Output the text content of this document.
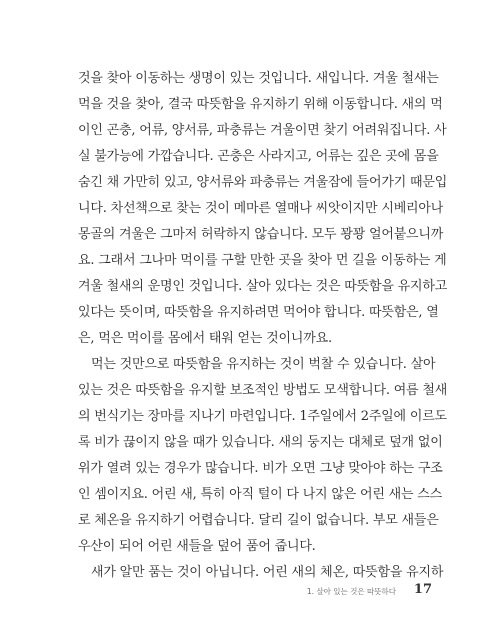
것을 찾아 이동하는 생명이 있는 것입니다. 새입니다. 겨울 철새는
먹을 것을 찾아, 결국 따뜻함을 유지하기 위해 이동합니다. 새의 먹
이인 곤충, 어류, 양서류, 파충류는 겨울이면 찾기 어려워집니다. 사
실 불가능에 가깝습니다. 곤충은 사라지고, 어류는 깊은 곳에 몸을
숨긴 채 가만히 있고, 양서류와 파충류는 겨울잠에 들어가기 때문입
니다. 차선책으로 찾는 것이 메마른 열매나 씨앗이지만 시베리아나
몽골의 겨울은 그마저 허락하지 않습니다. 모두 꽝꽝 얼어붙으니까
요. 그래서 그나마 먹이를 구할 만한 곳을 찾아 먼 길을 이동하는 게
겨울 철새의 운명인 것입니다. 살아 있다는 것은 따뜻함을 유지하고
있다는 뜻이며, 따뜻함을 유지하려면 먹어야 합니다. 따뜻함은, 열
은, 먹은 먹이를 몸에서 태워 얻는 것이니까요.
먹는 것만으로 따뜻함을 유지하는 것이 벅찰 수 있습니다. 살아
있는 것은 따뜻함을 유지할 보조적인 방법도 모색합니다. 여름 철새
의 번식기는 장마를 지나기 마련입니다. 1주일에서 2주일에 이르도
록 비가 끊이지 않을 때가 있습니다. 새의 둥지는 대체로 덮개 없이
위가 열려 있는 경우가 많습니다. 비가 오면 그냥 맞아야 하는 구조
인 셈이지요. 어린 새, 특히 아직 털이 다 나지 않은 어린 새는 스스
로 체온을 유지하기 어렵습니다. 달리 길이 없습니다. 부모 새들은
우산이 되어 어린 새들을 덮어 품어 줍니다.
새가 알만 품는 것이 아닙니다. 어린 새의 체온, 따뜻함을 유지하
1. 살아 있는 것은 따뜻하다 17
